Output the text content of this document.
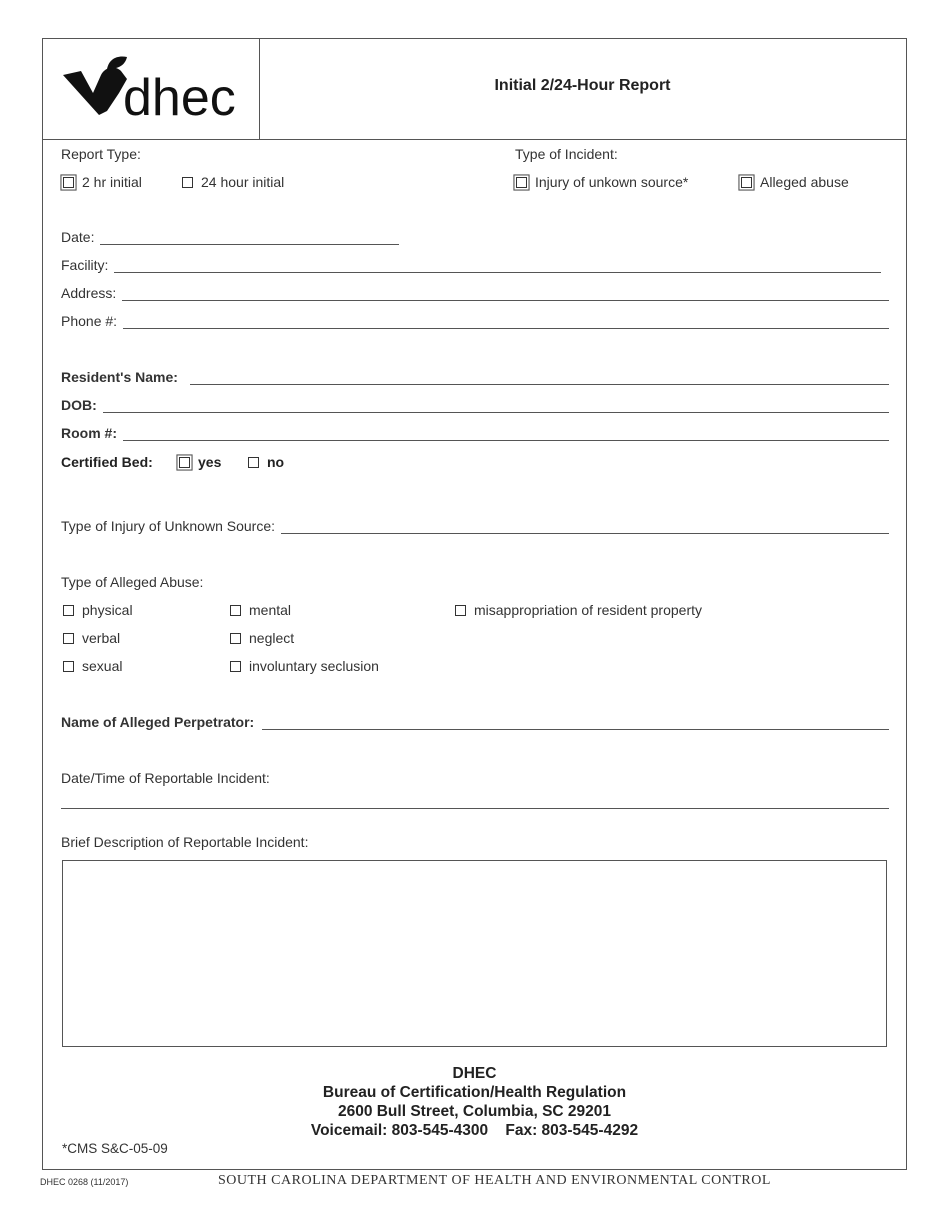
dhec	Initial 2/24-Hour Report
Report Type:
2 hr initial	24 hour initial
Type of Incident:
Injury of unkown source*	Alleged abuse
Date:
Facility:
Address:
Phone #:
Resident's Name:
DOB:
Room #:
Certified Bed:	yes	no
Type of Injury of Unknown Source:
Type of Alleged Abuse:
physical	mental	misappropriation of resident property
verbal	neglect
sexual	involuntary seclusion
Name of Alleged Perpetrator:
Date/Time of Reportable Incident:
Brief Description of Reportable Incident:
DHEC
Bureau of Certification/Health Regulation
2600 Bull Street, Columbia, SC 29201
Voicemail: 803-545-4300 Fax: 803-545-4292
*CMS S&C-05-09
DHEC 0268 (11/2017)	SOUTH CAROLINA DEPARTMENT OF HEALTH AND ENVIRONMENTAL CONTROL
